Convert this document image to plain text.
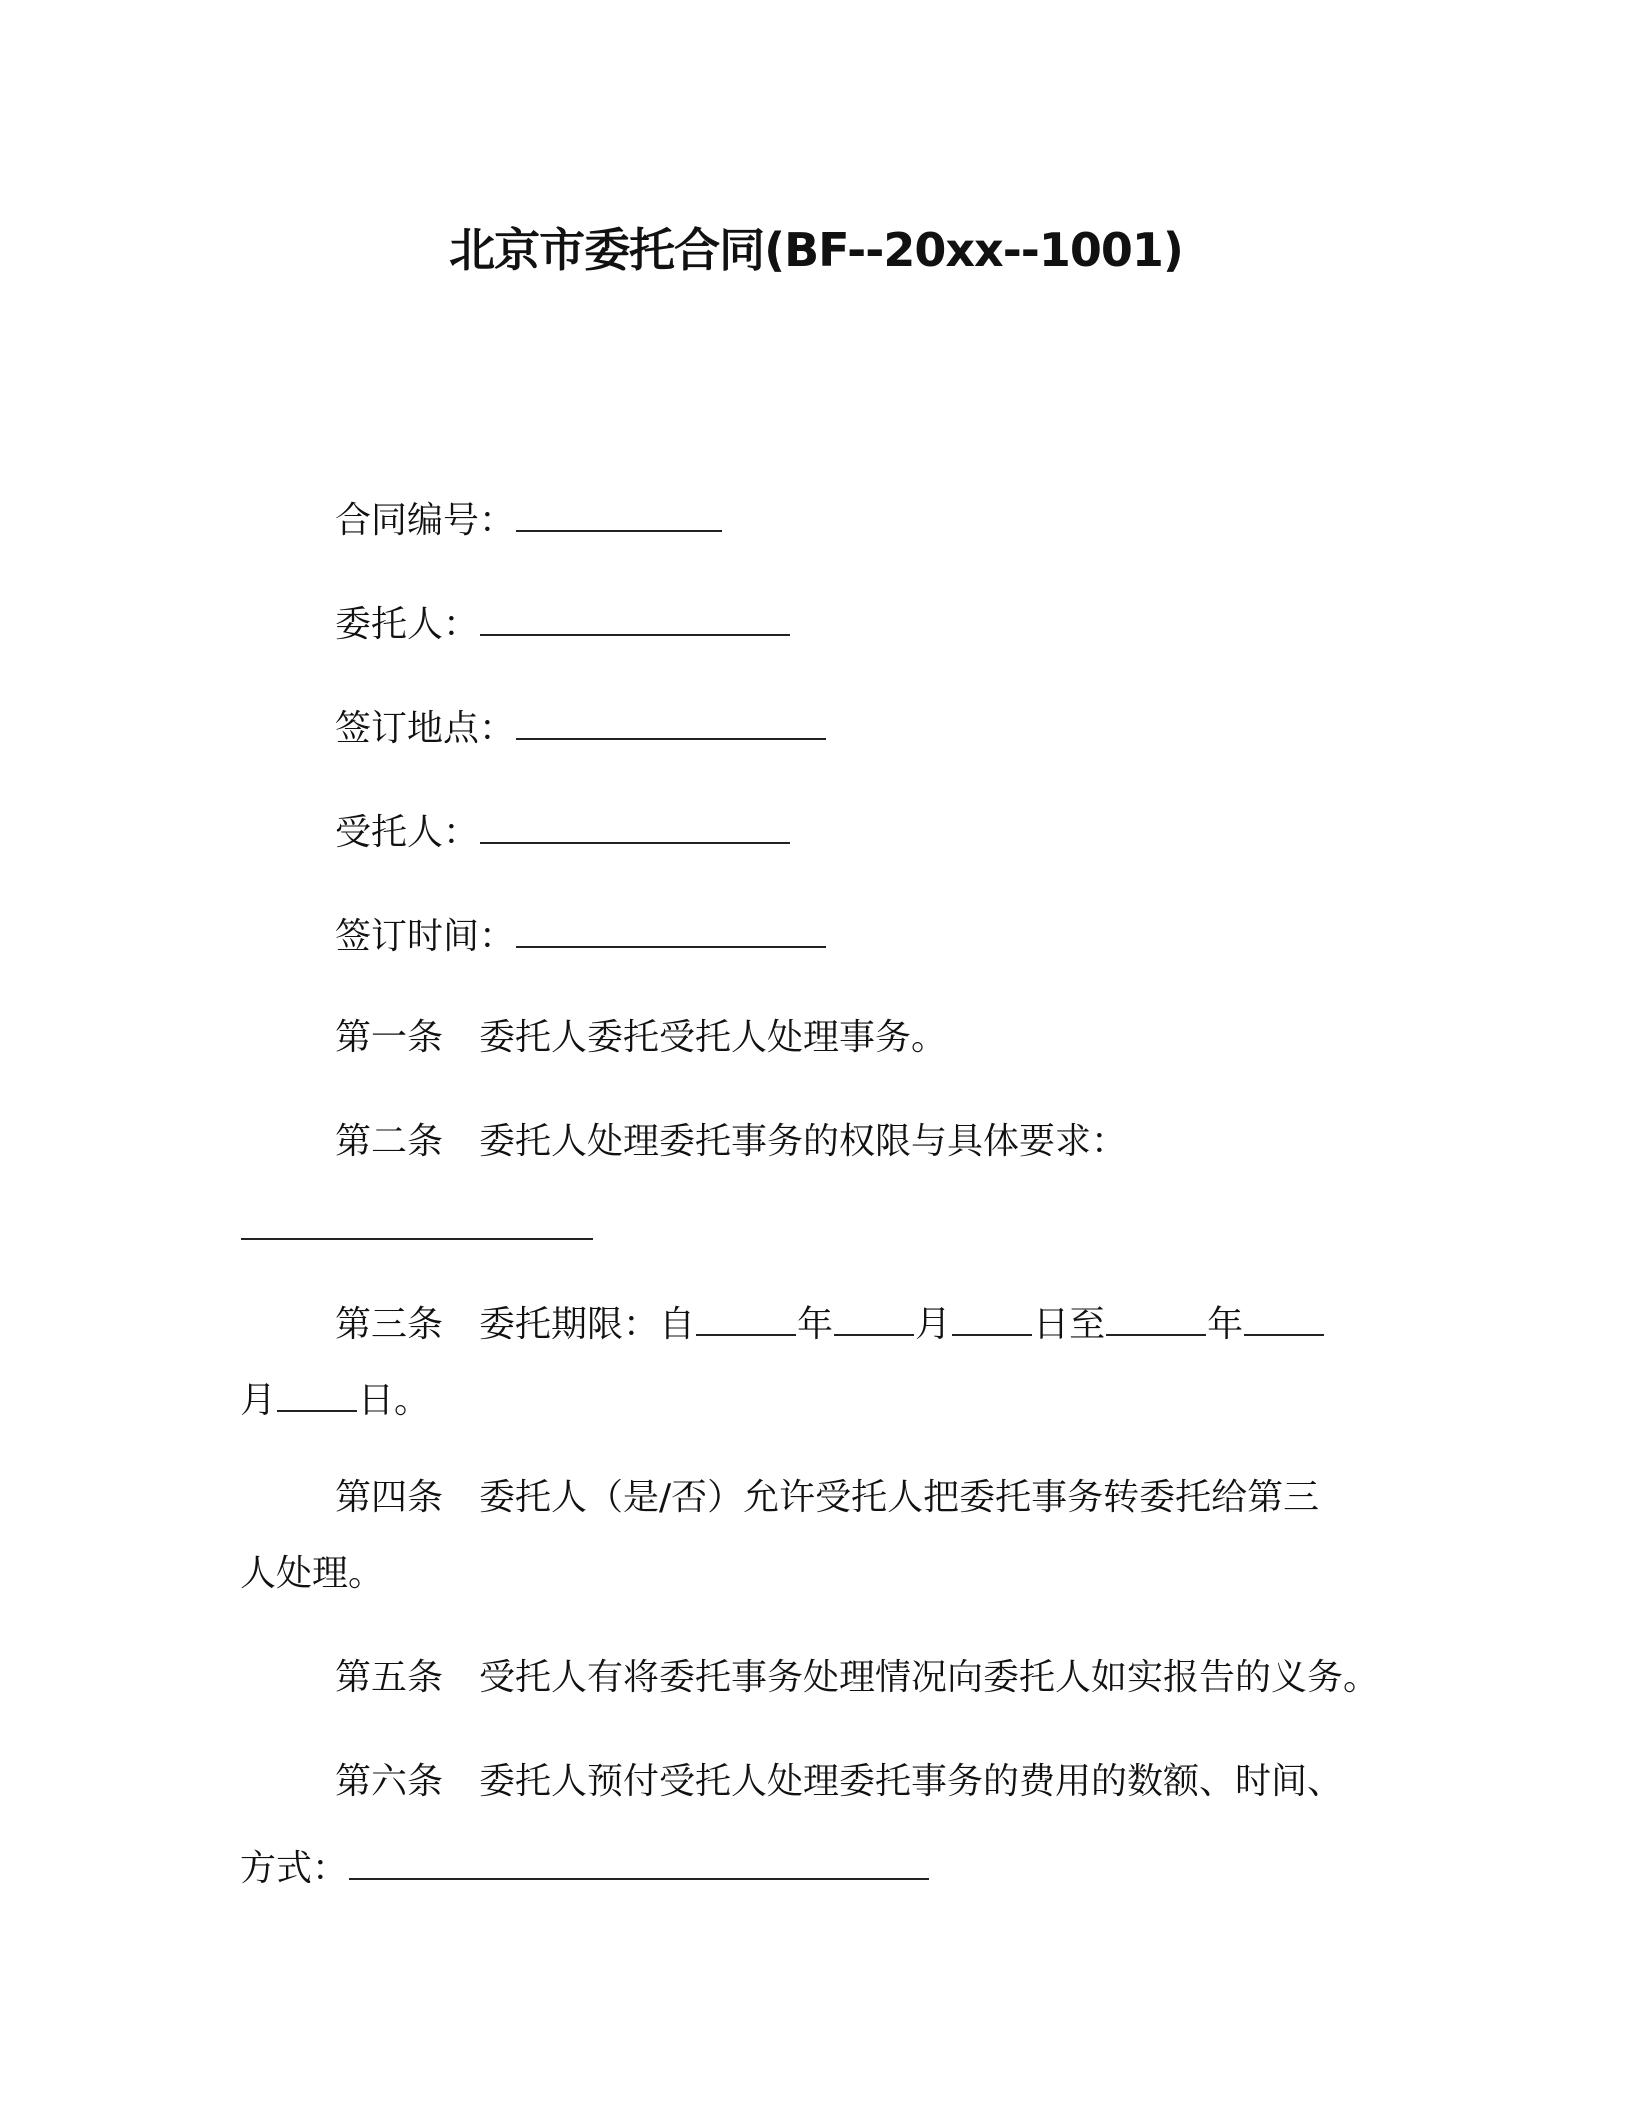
北京市委托合同(BF--20xx--1001)
合同编号：
委托人：
签订地点：
受托人：
签订时间：
第一条 委托人委托受托人处理事务。
第二条 委托人处理委托事务的权限与具体要求：
第三条 委托期限：自	年 月 日至	年
月 日。
第四条 委托人（是/否）允许受托人把委托事务转委托给第三
人处理。
第五条 受托人有将委托事务处理情况向委托人如实报告的义务。
第六条 委托人预付受托人处理委托事务的费用的数额、时间、
方式：
